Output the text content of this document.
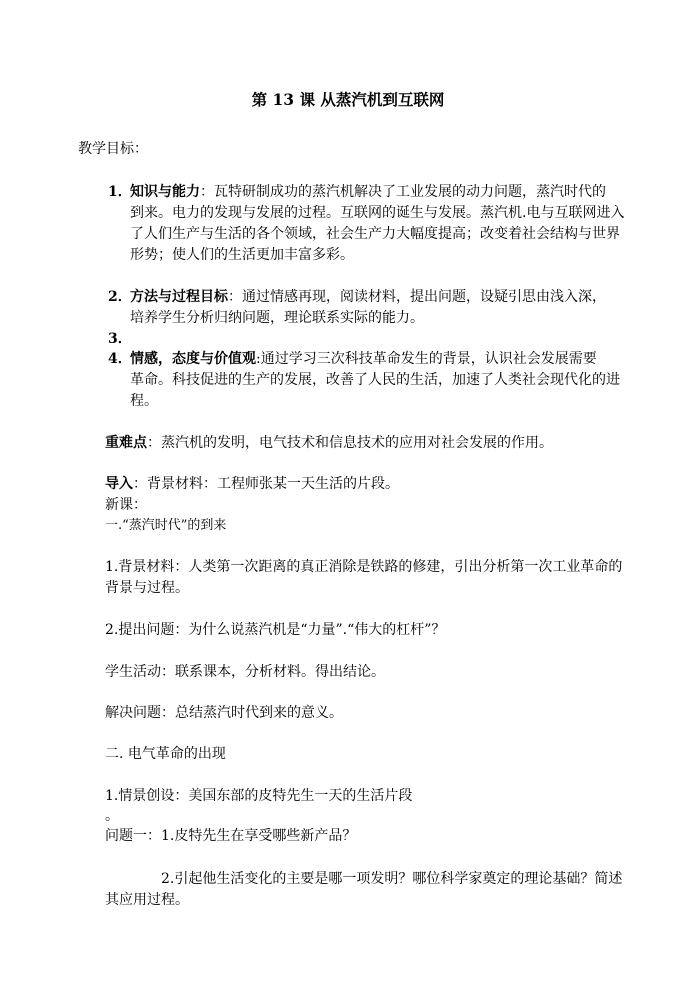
第 13 课 从蒸汽机到互联网
教学目标：
1．
知识与能力：瓦特研制成功的蒸汽机解决了工业发展的动力问题，蒸汽时代的
到来。电力的发现与发展的过程。互联网的诞生与发展。蒸汽机.电与互联网进入
了人们生产与生活的各个领域，社会生产力大幅度提高；改变着社会结构与世界
形势；使人们的生活更加丰富多彩。
2．
方法与过程目标：通过情感再现，阅读材料，提出问题，设疑引思由浅入深，
培养学生分析归纳问题，理论联系实际的能力。
3．
4．
情感，态度与价值观:通过学习三次科技革命发生的背景，认识社会发展需要
革命。科技促进的生产的发展，改善了人民的生活，加速了人类社会现代化的进
程。
重难点：蒸汽机的发明，电气技术和信息技术的应用对社会发展的作用。
导入：背景材料：工程师张某一天生活的片段。
新课：
一.“蒸汽时代”的到来
1.背景材料：人类第一次距离的真正消除是铁路的修建，引出分析第一次工业革命的
背景与过程。
2.提出问题：为什么说蒸汽机是“力量”.“伟大的杠杆”？
学生活动：联系课本，分析材料。得出结论。
解决问题：总结蒸汽时代到来的意义。
二. 电气革命的出现
1.情景创设：美国东部的皮特先生一天的生活片段
。
问题一：1.皮特先生在享受哪些新产品？
2.引起他生活变化的主要是哪一项发明？哪位科学家奠定的理论基础？简述
其应用过程。
